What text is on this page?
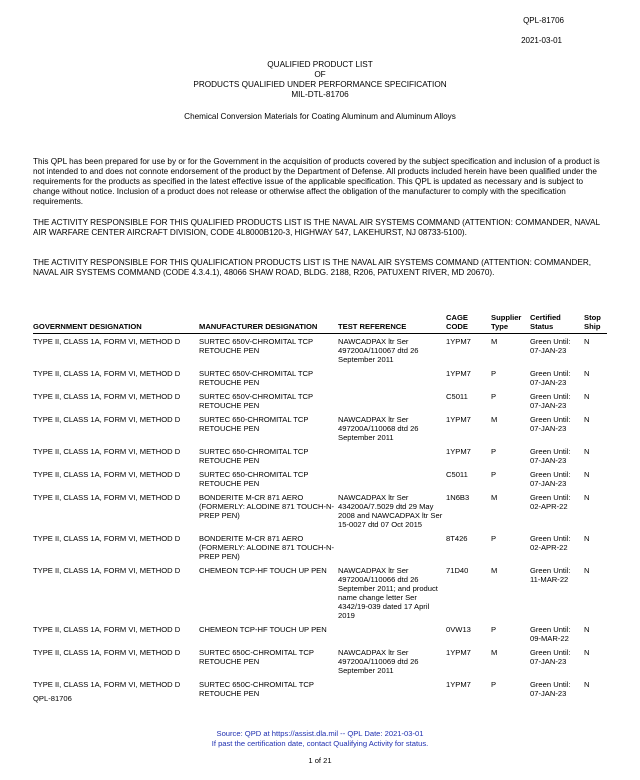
QPL-81706
2021-03-01
QUALIFIED PRODUCT LIST
OF
PRODUCTS QUALIFIED UNDER PERFORMANCE SPECIFICATION
MIL-DTL-81706
Chemical Conversion Materials for Coating Aluminum and Aluminum Alloys
This QPL has been prepared for use by or for the Government in the acquisition of products covered by the subject specification and inclusion of a product is not intended to and does not connote endorsement of the product by the Department of Defense. All products included herein have been qualified under the requirements for the products as specified in the latest effective issue of the applicable specification. This QPL is updated as necessary and is subject to change without notice. Inclusion of a product does not release or otherwise affect the obligation of the manufacturer to comply with the specification requirements.
THE ACTIVITY RESPONSIBLE FOR THIS QUALIFIED PRODUCTS LIST IS THE NAVAL AIR SYSTEMS COMMAND (ATTENTION: COMMANDER, NAVAL AIR WARFARE CENTER AIRCRAFT DIVISION, CODE 4L8000B120-3, HIGHWAY 547, LAKEHURST, NJ 08733-5100).
THE ACTIVITY RESPONSIBLE FOR THIS QUALIFICATION PRODUCTS LIST IS THE NAVAL AIR SYSTEMS COMMAND (ATTENTION: COMMANDER, NAVAL AIR SYSTEMS COMMAND (CODE 4.3.4.1), 48066 SHAW ROAD, BLDG. 2188, R206, PATUXENT RIVER, MD 20670).
GOVERNMENT DESIGNATION	MANUFACTURER DESIGNATION	TEST REFERENCE	CAGE CODE	Supplier Type	Certified Status	Stop Ship
TYPE II, CLASS 1A, FORM VI, METHOD D	SURTEC 650V-CHROMITAL TCP RETOUCHE PEN	NAWCADPAX ltr Ser 497200A/110067 dtd 26 September 2011	1YPM7	M	Green Until: 07-JAN-23	N
TYPE II, CLASS 1A, FORM VI, METHOD D	SURTEC 650V-CHROMITAL TCP RETOUCHE PEN		1YPM7	P	Green Until: 07-JAN-23	N
TYPE II, CLASS 1A, FORM VI, METHOD D	SURTEC 650V-CHROMITAL TCP RETOUCHE PEN		C5011	P	Green Until: 07-JAN-23	N
TYPE II, CLASS 1A, FORM VI, METHOD D	SURTEC 650-CHROMITAL TCP RETOUCHE PEN	NAWCADPAX ltr Ser 497200A/110068 dtd 26 September 2011	1YPM7	M	Green Until: 07-JAN-23	N
TYPE II, CLASS 1A, FORM VI, METHOD D	SURTEC 650-CHROMITAL TCP RETOUCHE PEN		1YPM7	P	Green Until: 07-JAN-23	N
TYPE II, CLASS 1A, FORM VI, METHOD D	SURTEC 650-CHROMITAL TCP RETOUCHE PEN		C5011	P	Green Until: 07-JAN-23	N
TYPE II, CLASS 1A, FORM VI, METHOD D	BONDERITE M-CR 871 AERO (FORMERLY: ALODINE 871 TOUCH-N-PREP PEN)	NAWCADPAX ltr Ser 434200A/7.5029 dtd 29 May 2008 and NAWCADPAX ltr Ser 15-0027 dtd 07 Oct 2015	1N6B3	M	Green Until: 02-APR-22	N
TYPE II, CLASS 1A, FORM VI, METHOD D	BONDERITE M-CR 871 AERO (FORMERLY: ALODINE 871 TOUCH-N-PREP PEN)		8T426	P	Green Until: 02-APR-22	N
TYPE II, CLASS 1A, FORM VI, METHOD D	CHEMEON TCP-HF TOUCH UP PEN	NAWCADPAX ltr Ser 497200A/110066 dtd 26 September 2011; and product name change letter Ser 4342/19-039 dated 17 April 2019	71D40	M	Green Until: 11-MAR-22	N
TYPE II, CLASS 1A, FORM VI, METHOD D	CHEMEON TCP-HF TOUCH UP PEN		0VW13	P	Green Until: 09-MAR-22	N
TYPE II, CLASS 1A, FORM VI, METHOD D	SURTEC 650C-CHROMITAL TCP RETOUCHE PEN	NAWCADPAX ltr Ser 497200A/110069 dtd 26 September 2011	1YPM7	M	Green Until: 07-JAN-23	N
TYPE II, CLASS 1A, FORM VI, METHOD D	SURTEC 650C-CHROMITAL TCP RETOUCHE PEN		1YPM7	P	Green Until: 07-JAN-23	N
QPL-81706
Source: QPD at https://assist.dla.mil -- QPL Date: 2021-03-01
If past the certification date, contact Qualifying Activity for status.
1 of 21
